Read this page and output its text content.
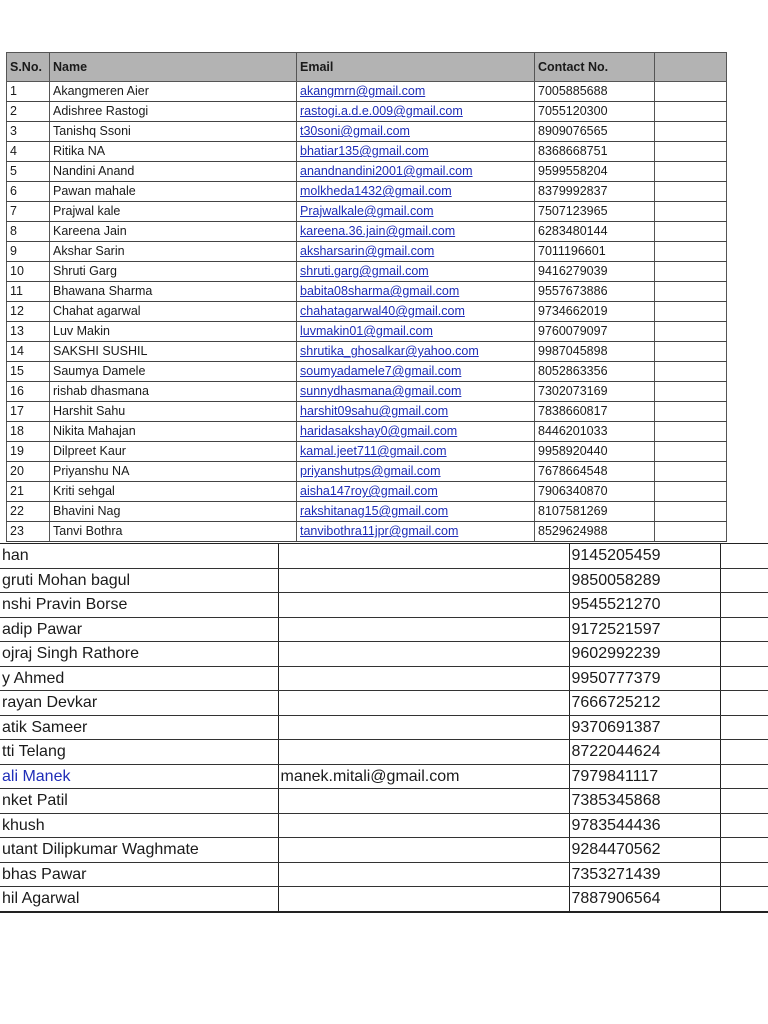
S.No.	Name	Email	Contact No.	
1	Akangmeren Aier	akangmrn@gmail.com	7005885688	
2	Adishree Rastogi	rastogi.a.d.e.009@gmail.com	7055120300	
3	Tanishq Ssoni	t30soni@gmail.com	8909076565	
4	Ritika NA	bhatiar135@gmail.com	8368668751	
5	Nandini Anand	anandnandini2001@gmail.com	9599558204	
6	Pawan mahale	molkheda1432@gmail.com	8379992837	
7	Prajwal kale	Prajwalkale@gmail.com	7507123965	
8	Kareena Jain	kareena.36.jain@gmail.com	6283480144	
9	Akshar Sarin	aksharsarin@gmail.com	7011196601	
10	Shruti Garg	shruti.garg@gmail.com	9416279039	
11	Bhawana Sharma	babita08sharma@gmail.com	9557673886	
12	Chahat agarwal	chahatagarwal40@gmail.com	9734662019	
13	Luv Makin	luvmakin01@gmail.com	9760079097	
14	SAKSHI SUSHIL	shrutika_ghosalkar@yahoo.com	9987045898	
15	Saumya Damele	soumyadamele7@gmail.com	8052863356	
16	rishab dhasmana	sunnydhasmana@gmail.com	7302073169	
17	Harshit Sahu	harshit09sahu@gmail.com	7838660817	
18	Nikita Mahajan	haridasakshay0@gmail.com	8446201033	
19	Dilpreet Kaur	kamal.jeet711@gmail.com	9958920440	
20	Priyanshu NA	priyanshutps@gmail.com	7678664548	
21	Kriti sehgal	aisha147roy@gmail.com	7906340870	
22	Bhavini Nag	rakshitanag15@gmail.com	8107581269	
23	Tanvi Bothra	tanvibothra11jpr@gmail.com	8529624988	
han		9145205459	
gruti Mohan bagul		9850058289	
nshi Pravin Borse		9545521270	
adip Pawar		9172521597	
ojraj Singh Rathore		9602992239	
y Ahmed		9950777379	
rayan Devkar		7666725212	
atik Sameer		9370691387	
tti Telang		8722044624	
ali Manek	manek.mitali@gmail.com	7979841117	
nket Patil		7385345868	
khush		9783544436	
utant Dilipkumar Waghmate		9284470562	
bhas Pawar		7353271439	
hil Agarwal		7887906564	
